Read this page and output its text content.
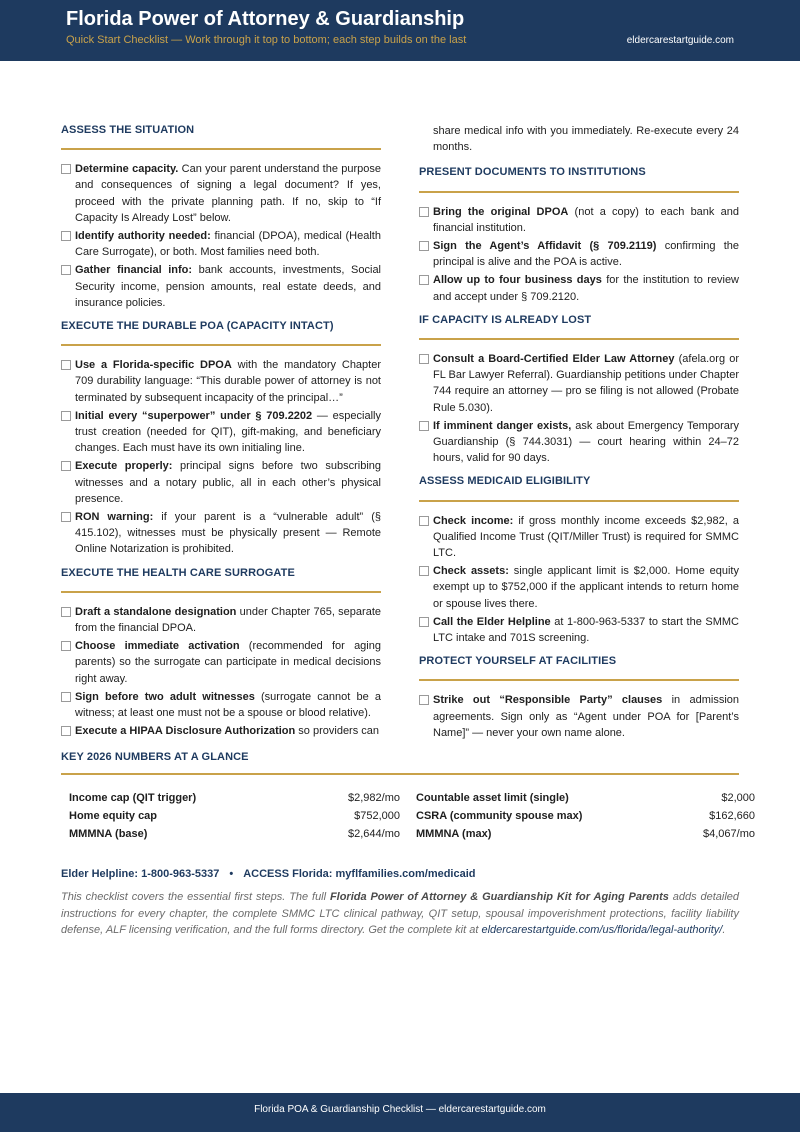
Florida Power of Attorney & Guardianship
Quick Start Checklist — Work through it top to bottom; each step builds on the last	eldercarestartguide.com
ASSESS THE SITUATION
Determine capacity. Can your parent understand the purpose and consequences of signing a legal document? If yes, proceed with the private planning path. If no, skip to “If Capacity Is Already Lost” below.
Identify authority needed: financial (DPOA), medical (Health Care Surrogate), or both. Most families need both.
Gather financial info: bank accounts, investments, Social Security income, pension amounts, real estate deeds, and insurance policies.
EXECUTE THE DURABLE POA (CAPACITY INTACT)
Use a Florida-specific DPOA with the mandatory Chapter 709 durability language: “This durable power of attorney is not terminated by subsequent incapacity of the principal…”
Initial every “superpower” under § 709.2202 — especially trust creation (needed for QIT), gift-making, and beneficiary changes. Each must have its own initialing line.
Execute properly: principal signs before two subscribing witnesses and a notary public, all in each other’s physical presence.
RON warning: if your parent is a “vulnerable adult” (§ 415.102), witnesses must be physically present — Remote Online Notarization is prohibited.
EXECUTE THE HEALTH CARE SURROGATE
Draft a standalone designation under Chapter 765, separate from the financial DPOA.
Choose immediate activation (recommended for aging parents) so the surrogate can participate in medical decisions right away.
Sign before two adult witnesses (surrogate cannot be a witness; at least one must not be a spouse or blood relative).
Execute a HIPAA Disclosure Authorization so providers can
share medical info with you immediately. Re-execute every 24 months.
PRESENT DOCUMENTS TO INSTITUTIONS
Bring the original DPOA (not a copy) to each bank and financial institution.
Sign the Agent’s Affidavit (§ 709.2119) confirming the principal is alive and the POA is active.
Allow up to four business days for the institution to review and accept under § 709.2120.
IF CAPACITY IS ALREADY LOST
Consult a Board-Certified Elder Law Attorney (afela.org or FL Bar Lawyer Referral). Guardianship petitions under Chapter 744 require an attorney — pro se filing is not allowed (Probate Rule 5.030).
If imminent danger exists, ask about Emergency Temporary Guardianship (§ 744.3031) — court hearing within 24–72 hours, valid for 90 days.
ASSESS MEDICAID ELIGIBILITY
Check income: if gross monthly income exceeds $2,982, a Qualified Income Trust (QIT/Miller Trust) is required for SMMC LTC.
Check assets: single applicant limit is $2,000. Home equity exempt up to $752,000 if the applicant intends to return home or spouse lives there.
Call the Elder Helpline at 1-800-963-5337 to start the SMMC LTC intake and 701S screening.
PROTECT YOURSELF AT FACILITIES
Strike out “Responsible Party” clauses in admission agreements. Sign only as “Agent under POA for [Parent’s Name]” — never your own name alone.
KEY 2026 NUMBERS AT A GLANCE
Income cap (QIT trigger)	$2,982/mo Countable asset limit (single)	$2,000
Home equity cap	$752,000 CSRA (community spouse max)	$162,660
MMMNA (base)	$2,644/mo MMMNA (max)	$4,067/mo
Elder Helpline: 1-800-963-5337 • ACCESS Florida: myflfamilies.com/medicaid
This checklist covers the essential first steps. The full Florida Power of Attorney & Guardianship Kit for Aging Parents adds detailed instructions for every chapter, the complete SMMC LTC clinical pathway, QIT setup, spousal impoverishment protections, facility liability defense, ALF licensing verification, and the full forms directory. Get the complete kit at eldercarestartguide.com/us/florida/legal-authority/.
Florida POA & Guardianship Checklist — eldercarestartguide.com
